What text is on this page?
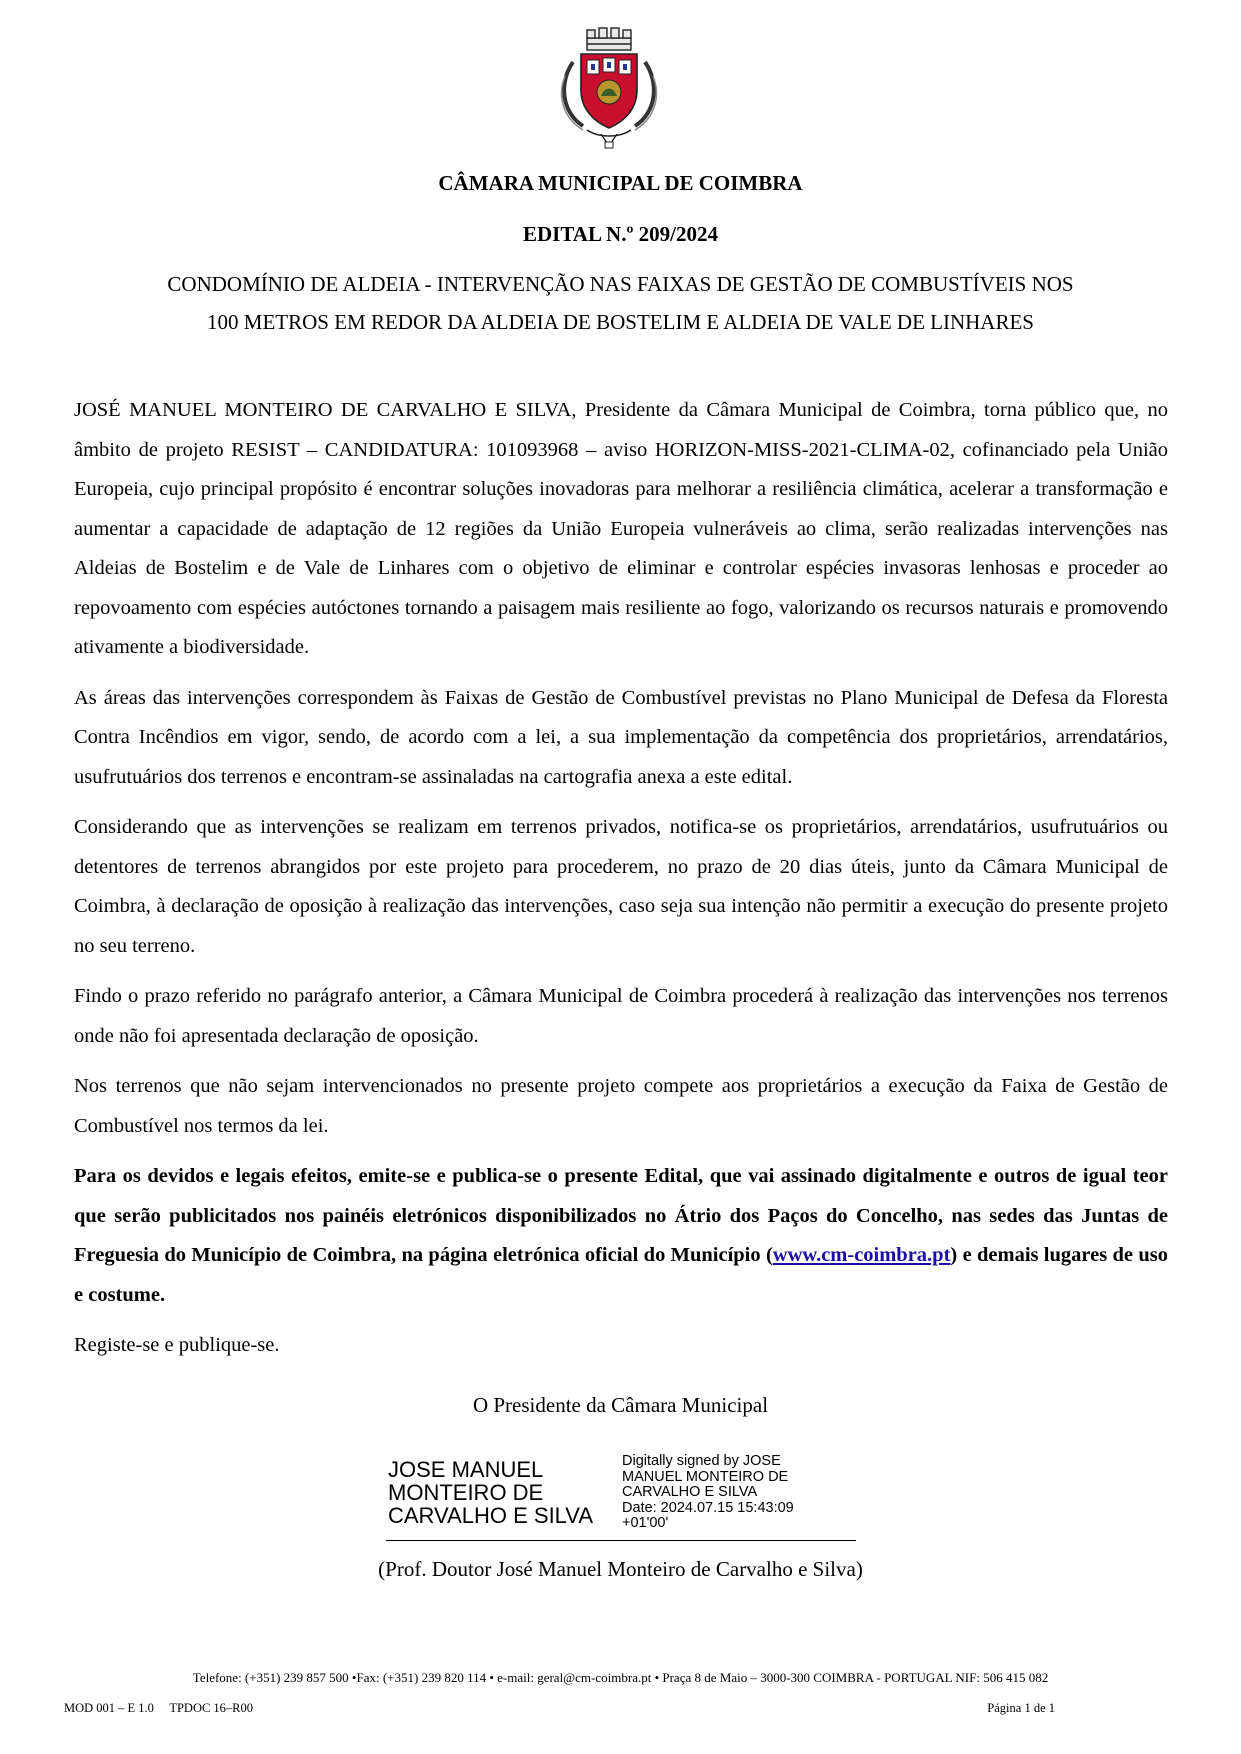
CÂMARA MUNICIPAL DE COIMBRA
EDITAL N.º 209/2024
CONDOMÍNIO DE ALDEIA - INTERVENÇÃO NAS FAIXAS DE GESTÃO DE COMBUSTÍVEIS NOS
100 METROS EM REDOR DA ALDEIA DE BOSTELIM E ALDEIA DE VALE DE LINHARES

JOSÉ MANUEL MONTEIRO DE CARVALHO E SILVA, Presidente da Câmara Municipal de Coimbra, torna público que, no âmbito de projeto RESIST – CANDIDATURA: 101093968 – aviso HORIZON-MISS-2021-CLIMA-02, cofinanciado pela União Europeia, cujo principal propósito é encontrar soluções inovadoras para melhorar a resiliência climática, acelerar a transformação e aumentar a capacidade de adaptação de 12 regiões da União Europeia vulneráveis ao clima, serão realizadas intervenções nas Aldeias de Bostelim e de Vale de Linhares com o objetivo de eliminar e controlar espécies invasoras lenhosas e proceder ao repovoamento com espécies autóctones tornando a paisagem mais resiliente ao fogo, valorizando os recursos naturais e promovendo ativamente a biodiversidade.

As áreas das intervenções correspondem às Faixas de Gestão de Combustível previstas no Plano Municipal de Defesa da Floresta Contra Incêndios em vigor, sendo, de acordo com a lei, a sua implementação da competência dos proprietários, arrendatários, usufrutuários dos terrenos e encontram-se assinaladas na cartografia anexa a este edital.

Considerando que as intervenções se realizam em terrenos privados, notifica-se os proprietários, arrendatários, usufrutuários ou detentores de terrenos abrangidos por este projeto para procederem, no prazo de 20 dias úteis, junto da Câmara Municipal de Coimbra, à declaração de oposição à realização das intervenções, caso seja sua intenção não permitir a execução do presente projeto no seu terreno.

Findo o prazo referido no parágrafo anterior, a Câmara Municipal de Coimbra procederá à realização das intervenções nos terrenos onde não foi apresentada declaração de oposição.

Nos terrenos que não sejam intervencionados no presente projeto compete aos proprietários a execução da Faixa de Gestão de Combustível nos termos da lei.

Para os devidos e legais efeitos, emite-se e publica-se o presente Edital, que vai assinado digitalmente e outros de igual teor que serão publicitados nos painéis eletrónicos disponibilizados no Átrio dos Paços do Concelho, nas sedes das Juntas de Freguesia do Município de Coimbra, na página eletrónica oficial do Município (www.cm-coimbra.pt) e demais lugares de uso e costume.

Registe-se e publique-se.

O Presidente da Câmara Municipal
JOSE MANUEL
MONTEIRO DE
CARVALHO E SILVA
Digitally signed by JOSE
MANUEL MONTEIRO DE
CARVALHO E SILVA
Date: 2024.07.15 15:43:09
+01'00'
(Prof. Doutor José Manuel Monteiro de Carvalho e Silva)
Telefone: (+351) 239 857 500 •Fax: (+351) 239 820 114 • e-mail: geral@cm-coimbra.pt • Praça 8 de Maio – 3000-300 COIMBRA - PORTUGAL NIF: 506 415 082
MOD 001 – E 1.0     TPDOC 16–R00	Página 1 de 1
